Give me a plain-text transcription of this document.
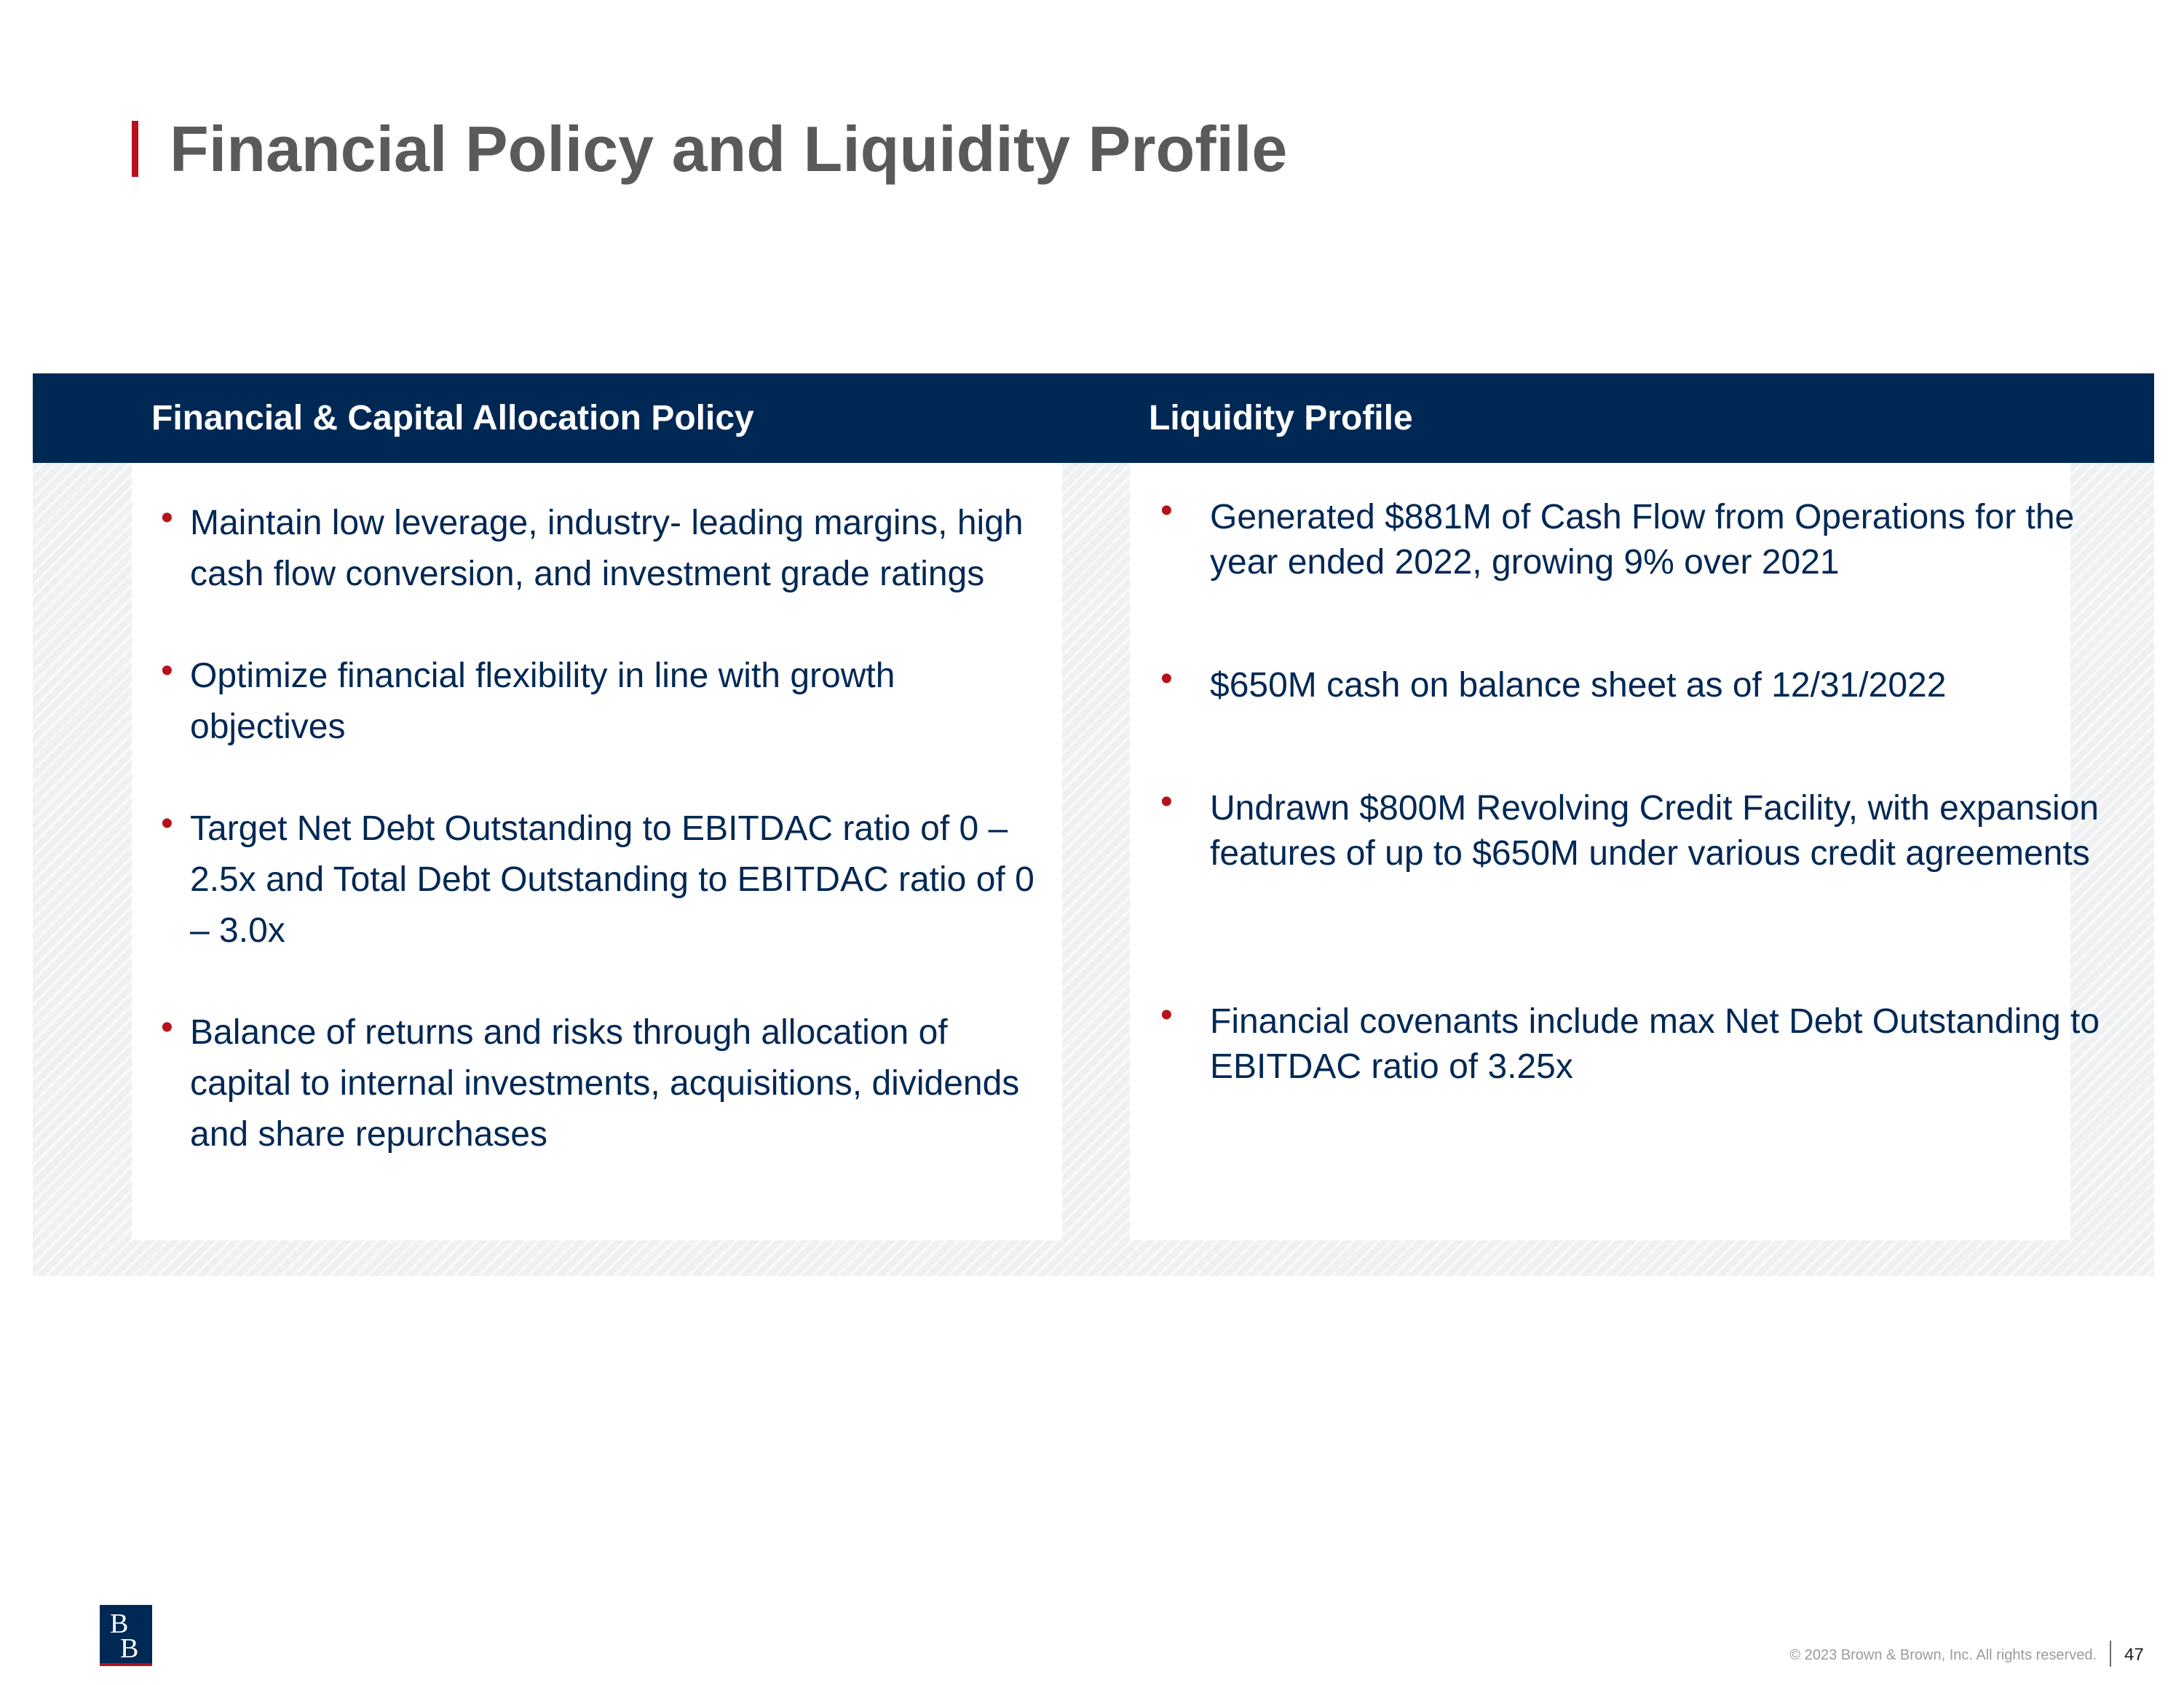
Financial Policy and Liquidity Profile
Financial & Capital Allocation Policy	Liquidity Profile
• Maintain low leverage, industry- leading margins, high cash flow conversion, and investment grade ratings
• Optimize financial flexibility in line with growth objectives
• Target Net Debt Outstanding to EBITDAC ratio of 0 – 2.5x and Total Debt Outstanding to EBITDAC ratio of 0 – 3.0x
• Balance of returns and risks through allocation of capital to internal investments, acquisitions, dividends and share repurchases
• Generated $881M of Cash Flow from Operations for the year ended 2022, growing 9% over 2021
• $650M cash on balance sheet as of 12/31/2022
• Undrawn $800M Revolving Credit Facility, with expansion features of up to $650M under various credit agreements
• Financial covenants include max Net Debt Outstanding to EBITDAC ratio of 3.25x
B
B	© 2023 Brown & Brown, Inc. All rights reserved. 47
